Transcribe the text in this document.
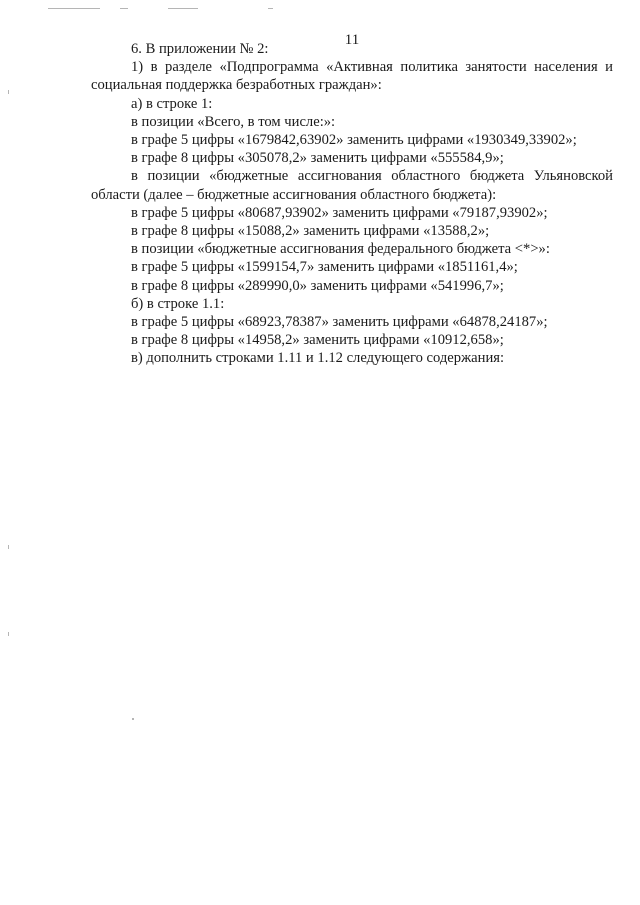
11

6. В приложении № 2:

1) в разделе «Подпрограмма «Активная политика занятости населения и социальная поддержка безработных граждан»:

а) в строке 1:

в позиции «Всего, в том числе:»:

в графе 5 цифры «1679842,63902» заменить цифрами «1930349,33902»;

в графе 8 цифры «305078,2» заменить цифрами «555584,9»;

в позиции «бюджетные ассигнования областного бюджета Ульяновской области (далее – бюджетные ассигнования областного бюджета):

в графе 5 цифры «80687,93902» заменить цифрами «79187,93902»;

в графе 8 цифры «15088,2» заменить цифрами «13588,2»;

в позиции «бюджетные ассигнования федерального бюджета <*>»:

в графе 5 цифры «1599154,7» заменить цифрами «1851161,4»;

в графе 8 цифры «289990,0» заменить цифрами «541996,7»;

б) в строке 1.1:

в графе 5 цифры «68923,78387» заменить цифрами «64878,24187»;

в графе 8 цифры «14958,2» заменить цифрами «10912,658»;

в) дополнить строками 1.11 и 1.12 следующего содержания:
